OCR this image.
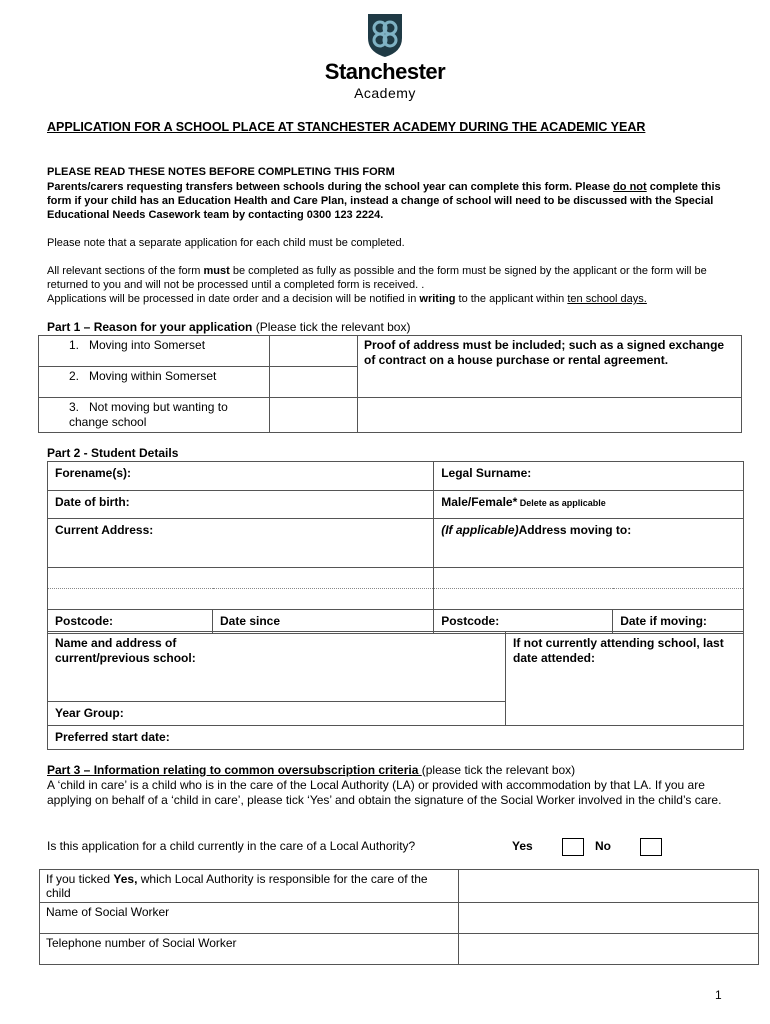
Stanchester
Academy
APPLICATION FOR A SCHOOL PLACE AT STANCHESTER ACADEMY DURING THE ACADEMIC YEAR
PLEASE READ THESE NOTES BEFORE COMPLETING THIS FORM
Parents/carers requesting transfers between schools during the school year can complete this form. Please do not complete this form if your child has an Education Health and Care Plan, instead a change of school will need to be discussed with the Special Educational Needs Casework team by contacting 0300 123 2224.
Please note that a separate application for each child must be completed.
All relevant sections of the form must be completed as fully as possible and the form must be signed by the applicant or the form will be returned to you and will not be processed until a completed form is received. .
Applications will be processed in date order and a decision will be notified in writing to the applicant within ten school days.
Part 1 – Reason for your application (Please tick the relevant box)
1.   Moving into Somerset		Proof of address must be included; such as a signed exchange of contract on a house purchase or rental agreement.
2.   Moving within Somerset		
3.   Not moving but wanting to change school		
Part 2 - Student Details
Forename(s):		Legal Surname:	
Date of birth:		Male/Female* Delete as applicable	
Current Address:		(If applicable)Address moving to:	

Postcode:	Date since	Postcode:	Date if moving:
Name and address of current/previous school:
	If not currently attending school, last date attended:
Year Group:
Preferred start date:
Part 3 – Information relating to common oversubscription criteria (please tick the relevant box)
A ‘child in care’ is a child who is in the care of the Local Authority (LA) or provided with accommodation by that LA. If you are applying on behalf of a ‘child in care’, please tick ‘Yes’ and obtain the signature of the Social Worker involved in the child’s care.
Is this application for a child currently in the care of a Local Authority?	Yes	No
If you ticked Yes, which Local Authority is responsible for the care of the child	
Name of Social Worker	
Telephone number of Social Worker	
1
